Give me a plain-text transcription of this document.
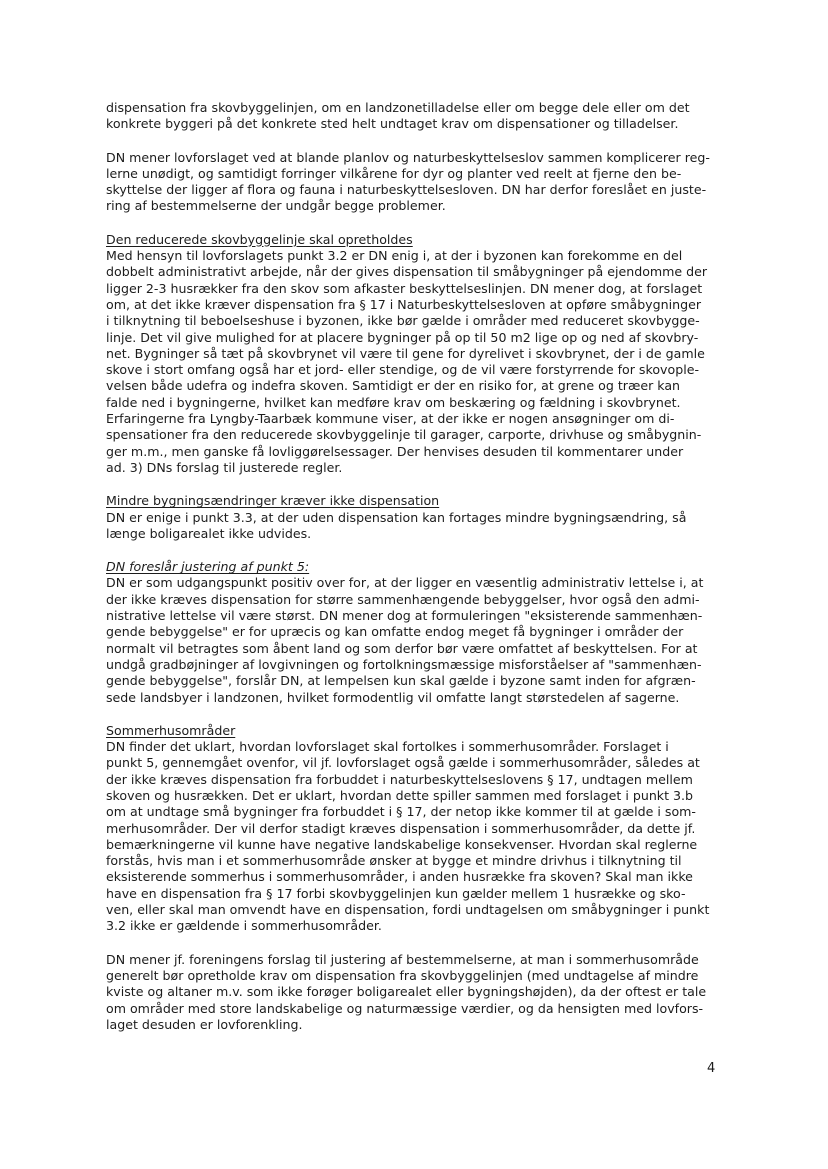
dispensation fra skovbyggelinjen, om en landzonetilladelse eller om begge dele eller om det
konkrete byggeri på det konkrete sted helt undtaget krav om dispensationer og tilladelser.
DN mener lovforslaget ved at blande planlov og naturbeskyttelseslov sammen komplicerer reg-
lerne unødigt, og samtidigt forringer vilkårene for dyr og planter ved reelt at fjerne den be-
skyttelse der ligger af flora og fauna i naturbeskyttelsesloven. DN har derfor foreslået en juste-
ring af bestemmelserne der undgår begge problemer.
Den reducerede skovbyggelinje skal opretholdes
Med hensyn til lovforslagets punkt 3.2 er DN enig i, at der i byzonen kan forekomme en del
dobbelt administrativt arbejde, når der gives dispensation til småbygninger på ejendomme der
ligger 2-3 husrækker fra den skov som afkaster beskyttelseslinjen. DN mener dog, at forslaget
om, at det ikke kræver dispensation fra § 17 i Naturbeskyttelsesloven at opføre småbygninger
i tilknytning til beboelseshuse i byzonen, ikke bør gælde i områder med reduceret skovbygge-
linje. Det vil give mulighed for at placere bygninger på op til 50 m2 lige op og ned af skovbry-
net. Bygninger så tæt på skovbrynet vil være til gene for dyrelivet i skovbrynet, der i de gamle
skove i stort omfang også har et jord- eller stendige, og de vil være forstyrrende for skovople-
velsen både udefra og indefra skoven. Samtidigt er der en risiko for, at grene og træer kan
falde ned i bygningerne, hvilket kan medføre krav om beskæring og fældning i skovbrynet.
Erfaringerne fra Lyngby-Taarbæk kommune viser, at der ikke er nogen ansøgninger om di-
spensationer fra den reducerede skovbyggelinje til garager, carporte, drivhuse og småbygnin-
ger m.m., men ganske få lovliggørelsessager. Der henvises desuden til kommentarer under
ad. 3) DNs forslag til justerede regler.
Mindre bygningsændringer kræver ikke dispensation
DN er enige i punkt 3.3, at der uden dispensation kan fortages mindre bygningsændring, så
længe boligarealet ikke udvides.
DN foreslår justering af punkt 5:
DN er som udgangspunkt positiv over for, at der ligger en væsentlig administrativ lettelse i, at
der ikke kræves dispensation for større sammenhængende bebyggelser, hvor også den admi-
nistrative lettelse vil være størst. DN mener dog at formuleringen "eksisterende sammenhæn-
gende bebyggelse" er for upræcis og kan omfatte endog meget få bygninger i områder der
normalt vil betragtes som åbent land og som derfor bør være omfattet af beskyttelsen. For at
undgå gradbøjninger af lovgivningen og fortolkningsmæssige misforståelser af "sammenhæn-
gende bebyggelse", forslår DN, at lempelsen kun skal gælde i byzone samt inden for afgræn-
sede landsbyer i landzonen, hvilket formodentlig vil omfatte langt størstedelen af sagerne.
Sommerhusområder
DN finder det uklart, hvordan lovforslaget skal fortolkes i sommerhusområder. Forslaget i
punkt 5, gennemgået ovenfor, vil jf. lovforslaget også gælde i sommerhusområder, således at
der ikke kræves dispensation fra forbuddet i naturbeskyttelseslovens § 17, undtagen mellem
skoven og husrækken. Det er uklart, hvordan dette spiller sammen med forslaget i punkt 3.b
om at undtage små bygninger fra forbuddet i § 17, der netop ikke kommer til at gælde i som-
merhusområder. Der vil derfor stadigt kræves dispensation i sommerhusområder, da dette jf.
bemærkningerne vil kunne have negative landskabelige konsekvenser. Hvordan skal reglerne
forstås, hvis man i et sommerhusområde ønsker at bygge et mindre drivhus i tilknytning til
eksisterende sommerhus i sommerhusområder, i anden husrække fra skoven? Skal man ikke
have en dispensation fra § 17 forbi skovbyggelinjen kun gælder mellem 1 husrække og sko-
ven, eller skal man omvendt have en dispensation, fordi undtagelsen om småbygninger i punkt
3.2 ikke er gældende i sommerhusområder.
DN mener jf. foreningens forslag til justering af bestemmelserne, at man i sommerhusområde
generelt bør opretholde krav om dispensation fra skovbyggelinjen (med undtagelse af mindre
kviste og altaner m.v. som ikke forøger boligarealet eller bygningshøjden), da der oftest er tale
om områder med store landskabelige og naturmæssige værdier, og da hensigten med lovfors-
laget desuden er lovforenkling.
4
